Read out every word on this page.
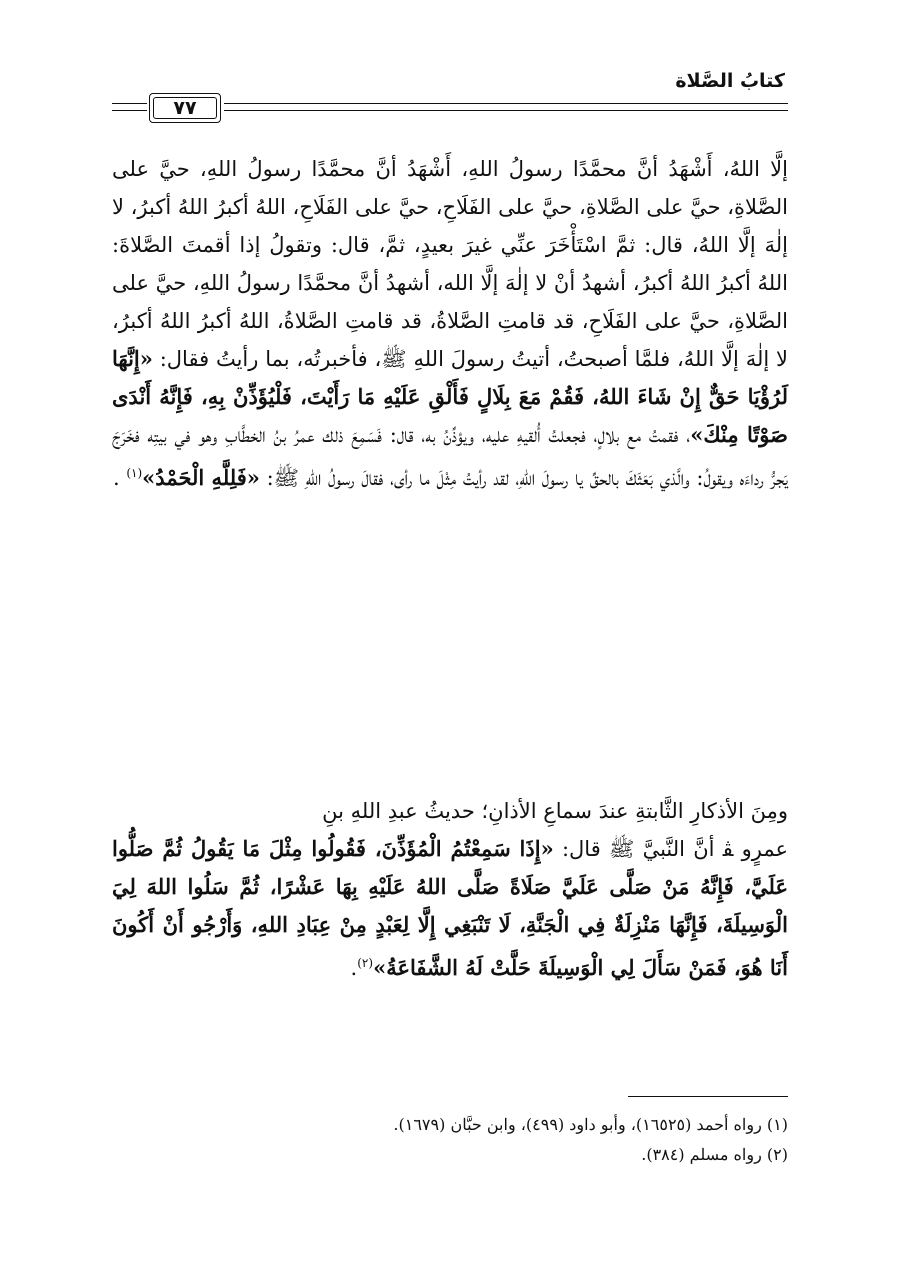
كتابُ الصَّلاة
٧٧
إلَّا اللهُ، أَشْهَدُ أنَّ محمَّدًا رسولُ اللهِ، أَشْهَدُ أنَّ محمَّدًا رسولُ اللهِ، حيَّ على الصَّلاةِ، حيَّ على الصَّلاةِ، حيَّ على الفَلَاحِ، حيَّ على الفَلَاحِ، اللهُ أكبرُ اللهُ أكبرُ، لا إلٰهَ إلَّا اللهُ، قال: ثمَّ اسْتَأْخَرَ عنِّي غيرَ بعيدٍ، ثمَّ، قال: وتقولُ إذا أقمتَ الصَّلاةَ: اللهُ أكبرُ اللهُ أكبرُ، أشهدُ أنْ لا إلٰهَ إلَّا الله، أشهدُ أنَّ محمَّدًا رسولُ اللهِ، حيَّ على الصَّلاةِ، حيَّ على الفَلَاحِ، قد قامتِ الصَّلاةُ، قد قامتِ الصَّلاةُ، اللهُ أكبرُ اللهُ أكبرُ، لا إلٰهَ إلَّا اللهُ، فلمَّا أصبحتُ، أتيتُ رسولَ اللهِ ﷺ، فأخبرتُه، بما رأيتُ فقال: «إِنَّهَا لَرُؤْيَا حَقٌّ إِنْ شَاءَ اللهُ، فَقُمْ مَعَ بِلَالٍ فَأَلْقِ عَلَيْهِ مَا رَأَيْتَ، فَلْيُؤَذِّنْ بِهِ، فَإِنَّهُ أَنْدَى صَوْتًا مِنْكَ»، فقمتُ مع بلالٍ، فجعلتُ أُلقيهِ عليه، ويؤذِّنُ به، قال: فَسَمِعَ ذلك عمرُ بنُ الخطَّابِ وهو في بيتِه فخَرَجَ يَجرُّ رداءَه ويقولُ: والَّذي بَعَثَكَ بالحقِّ يا رسولَ اللهِ، لقد رأيتُ مِثْلَ ما رأى، فقالَ رسولُ اللهِ ﷺ: «فَلِلَّهِ الْحَمْدُ»$^{(١)}$ .
ومِنَ الأذكارِ الثَّابتةِ عندَ سماعِ الأذانِ؛ حديثُ عبدِ اللهِ بنِ
عمرٍو ﭭ أنَّ النَّبيَّ ﷺ قال: «إِذَا سَمِعْتُمُ الْمُؤَذِّنَ، فَقُولُوا مِثْلَ مَا يَقُولُ ثُمَّ صَلُّوا عَلَيَّ، فَإِنَّهُ مَنْ صَلَّى عَلَيَّ صَلَاةً صَلَّى اللهُ عَلَيْهِ بِهَا عَشْرًا، ثُمَّ سَلُوا اللهَ لِيَ الْوَسِيلَةَ، فَإِنَّهَا مَنْزِلَةٌ فِي الْجَنَّةِ، لَا تَنْبَغِي إِلَّا لِعَبْدٍ مِنْ عِبَادِ اللهِ، وَأَرْجُو أَنْ أَكُونَ أَنَا هُوَ، فَمَنْ سَأَلَ لِي الْوَسِيلَةَ حَلَّتْ لَهُ الشَّفَاعَةُ»$^{(٢)}$.
(١) رواه أحمد (١٦٥٢٥)، وأبو داود (٤٩٩)، وابن حبَّان (١٦٧٩).
(٢) رواه مسلم (٣٨٤).
